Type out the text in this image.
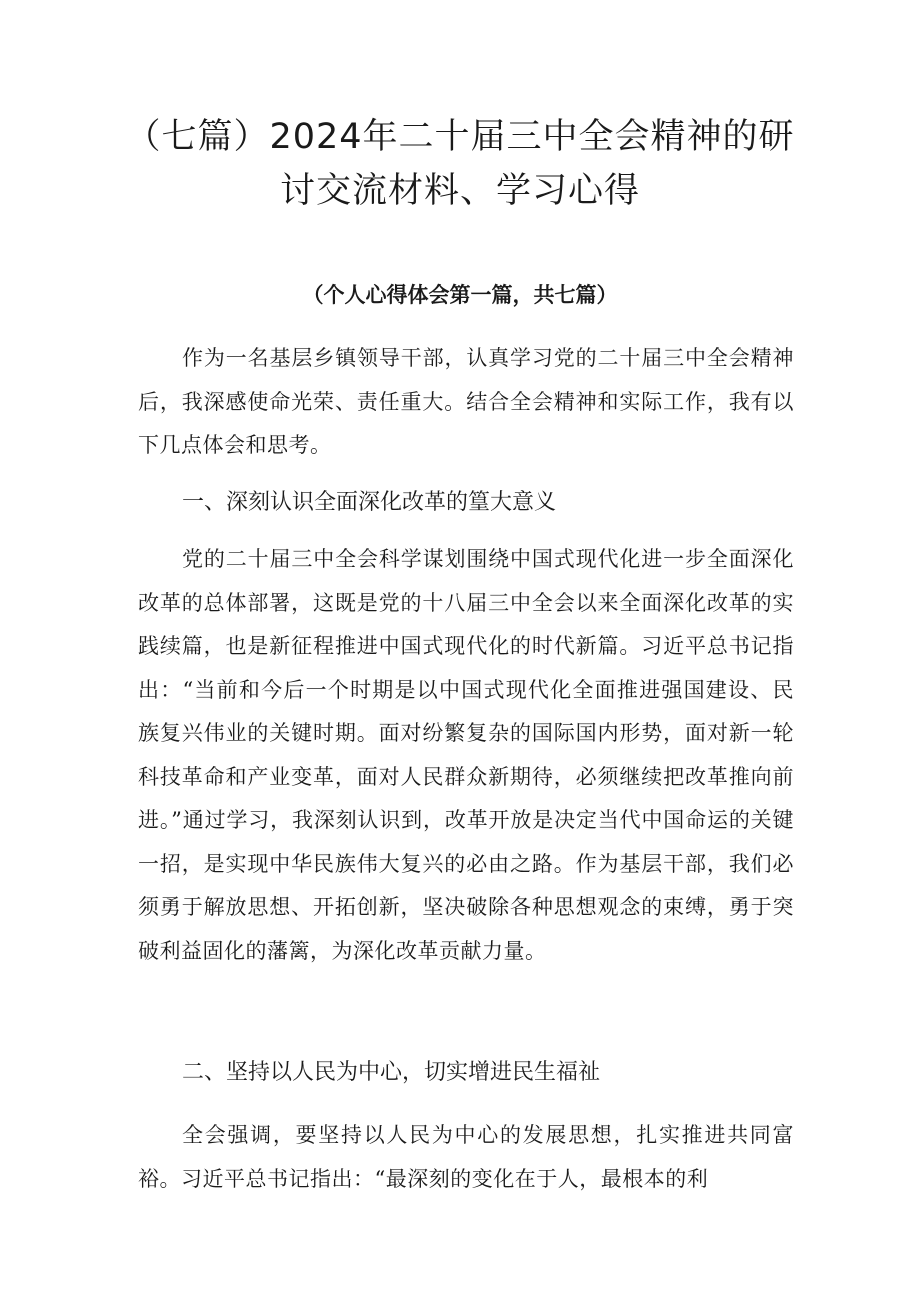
（七篇）2024年二十届三中全会精神的研讨交流材料、学习心得

（个人心得体会第一篇，共七篇）

作为一名基层乡镇领导干部，认真学习党的二十届三中全会精神后，我深感使命光荣、责任重大。结合全会精神和实际工作，我有以下几点体会和思考。

一、深刻认识全面深化改革的篁大意义

党的二十届三中全会科学谋划围绕中国式现代化进一步全面深化改革的总体部署，这既是党的十八届三中全会以来全面深化改革的实践续篇，也是新征程推进中国式现代化的时代新篇。习近平总书记指出：“当前和今后一个时期是以中国式现代化全面推进强国建设、民族复兴伟业的关键时期。面对纷繁复杂的国际国内形势，面对新一轮科技革命和产业变革，面对人民群众新期待，必须继续把改革推向前进。”通过学习，我深刻认识到，改革开放是决定当代中国命运的关键一招，是实现中华民族伟大复兴的必由之路。作为基层干部，我们必须勇于解放思想、开拓创新，坚决破除各种思想观念的束缚，勇于突破利益固化的藩篱，为深化改革贡献力量。

二、坚持以人民为中心，切实增进民生福祉

全会强调，要坚持以人民为中心的发展思想，扎实推进共同富裕。习近平总书记指出：“最深刻的变化在于人，最根本的利
